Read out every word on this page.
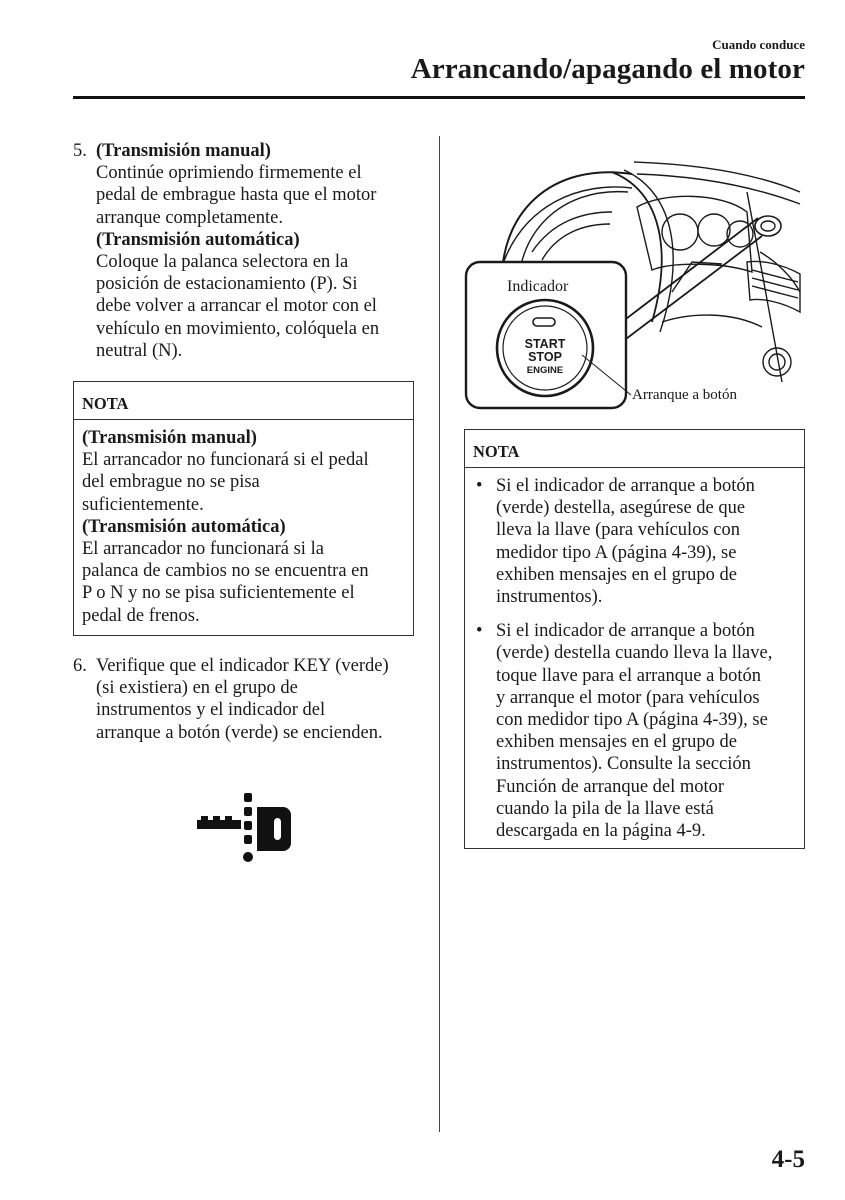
Cuando conduce
Arrancando/apagando el motor
5. (Transmisión manual)
Continúe oprimiendo firmemente el
pedal de embrague hasta que el motor
arranque completamente.
(Transmisión automática)
Coloque la palanca selectora en la
posición de estacionamiento (P). Si
debe volver a arrancar el motor con el
vehículo en movimiento, colóquela en
neutral (N).
NOTA
(Transmisión manual)
El arrancador no funcionará si el pedal
del embrague no se pisa
suficientemente.
(Transmisión automática)
El arrancador no funcionará si la
palanca de cambios no se encuentra en
P o N y no se pisa suficientemente el
pedal de frenos.
6. Verifique que el indicador KEY (verde)
(si existiera) en el grupo de
instrumentos y el indicador del
arranque a botón (verde) se encienden.
Indicador
START
STOP
ENGINE
Arranque a botón
NOTA
• Si el indicador de arranque a botón
(verde) destella, asegúrese de que
lleva la llave (para vehículos con
medidor tipo A (página 4-39), se
exhiben mensajes en el grupo de
instrumentos).
• Si el indicador de arranque a botón
(verde) destella cuando lleva la llave,
toque llave para el arranque a botón
y arranque el motor (para vehículos
con medidor tipo A (página 4-39), se
exhiben mensajes en el grupo de
instrumentos). Consulte la sección
Función de arranque del motor
cuando la pila de la llave está
descargada en la página 4-9.
4-5
